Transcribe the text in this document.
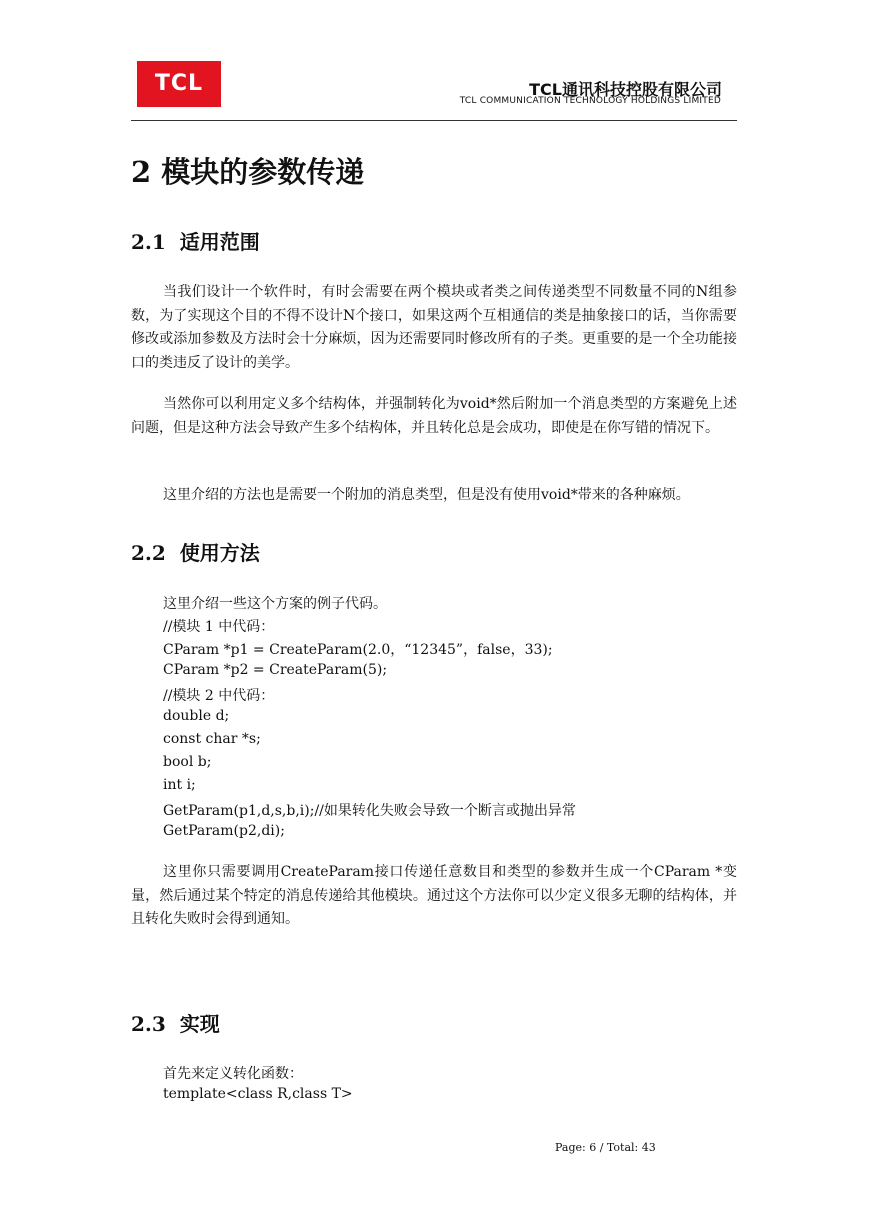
TCL	TCL通讯科技控股有限公司
TCL COMMUNICATION TECHNOLOGY HOLDINGS LIMITED
2 模块的参数传递
2.1 适用范围

当我们设计一个软件时，有时会需要在两个模块或者类之间传递类型不同数量不同的N组参数，为了实现这个目的不得不设计N个接口，如果这两个互相通信的类是抽象接口的话，当你需要修改或添加参数及方法时会十分麻烦，因为还需要同时修改所有的子类。更重要的是一个全功能接口的类违反了设计的美学。

当然你可以利用定义多个结构体，并强制转化为void*然后附加一个消息类型的方案避免上述问题，但是这种方法会导致产生多个结构体，并且转化总是会成功，即使是在你写错的情况下。

这里介绍的方法也是需要一个附加的消息类型，但是没有使用void*带来的各种麻烦。

2.2 使用方法
这里介绍一些这个方案的例子代码。
//模块 1 中代码：
CParam *p1 = CreateParam(2.0，“12345”，false，33);
CParam *p2 = CreateParam(5);
//模块 2 中代码：
double d;
const char *s;
bool b;
int i;
GetParam(p1,d,s,b,i);//如果转化失败会导致一个断言或抛出异常
GetParam(p2,di);

这里你只需要调用CreateParam接口传递任意数目和类型的参数并生成一个CParam *变量，然后通过某个特定的消息传递给其他模块。通过这个方法你可以少定义很多无聊的结构体，并且转化失败时会得到通知。

2.3 实现
首先来定义转化函数：
template<class R,class T>
Page: 6 / Total: 43
